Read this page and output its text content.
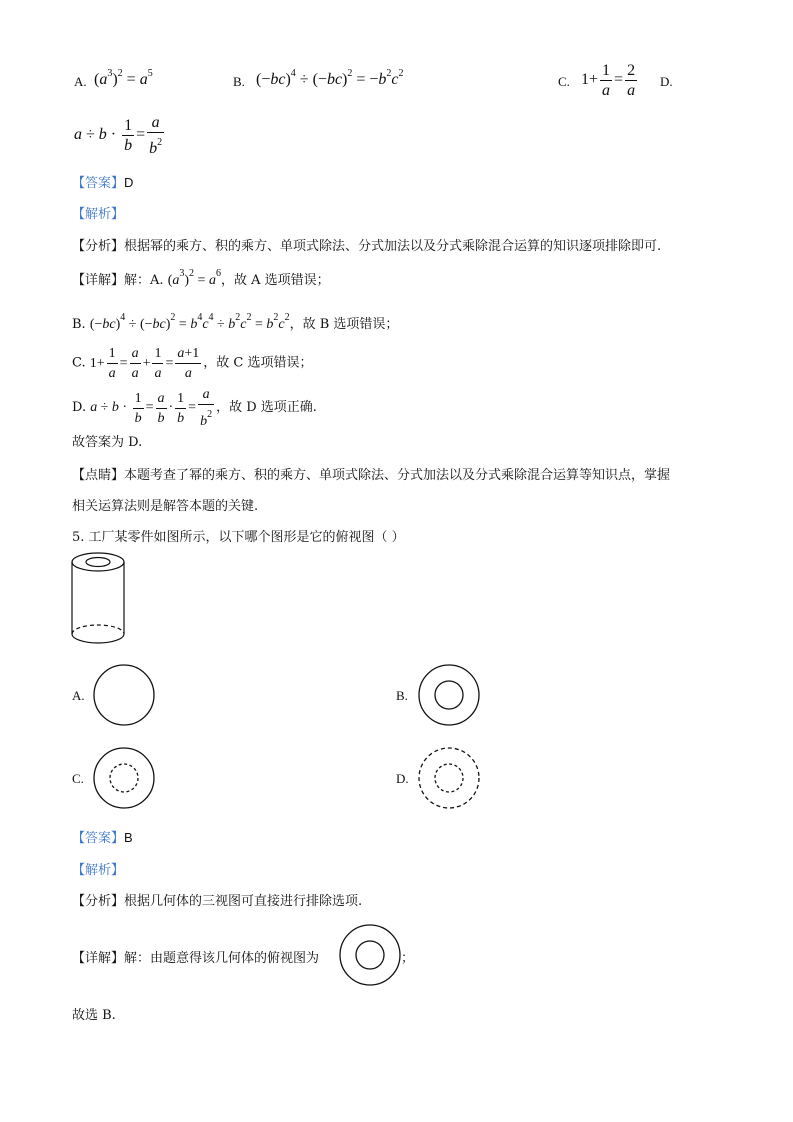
A. $(a^3)^2 = a^5$
B. $(-bc)^4 \div (-bc)^2 = -b^2c^2$
C. $1+ \frac{1}{a} = \frac{2}{a} D$.
$a \div b \cdot \frac{1}{b} = \frac{a}{b^2}$
【答案】D
【解析】
【分析】根据幂的乘方、积的乘方、单项式除法、分式加法以及分式乘除混合运算的知识逐项排除即可.
【详解】解：A. $(a^3)^2 = a^6$，故 A 选项错误；
B. $(-bc)^4 \div (-bc)^2 = b^4c^4 \div b^2c^2 = b^2c^2$，故 B 选项错误；
C. $1+ \frac{1}{a} = \frac{a}{a} + \frac{1}{a} = \frac{a+1}{a}$ ，故 C 选项错误；
D. $a \div b \cdot \frac{1}{b} = \frac{a}{b} \cdot \frac{1}{b} = \frac{a}{b^2}$ ，故 D 选项正确.
故答案为 D.
【点睛】本题考查了幂的乘方、积的乘方、单项式除法、分式加法以及分式乘除混合运算等知识点，掌握
相关运算法则是解答本题的关键.
5. 工厂某零件如图所示，以下哪个图形是它的俯视图（ ）
A.	B.
C.	D.
【答案】B
【解析】
【分析】根据几何体的三视图可直接进行排除选项.
【详解】解：由题意得该几何体的俯视图为	；
故选 B.
